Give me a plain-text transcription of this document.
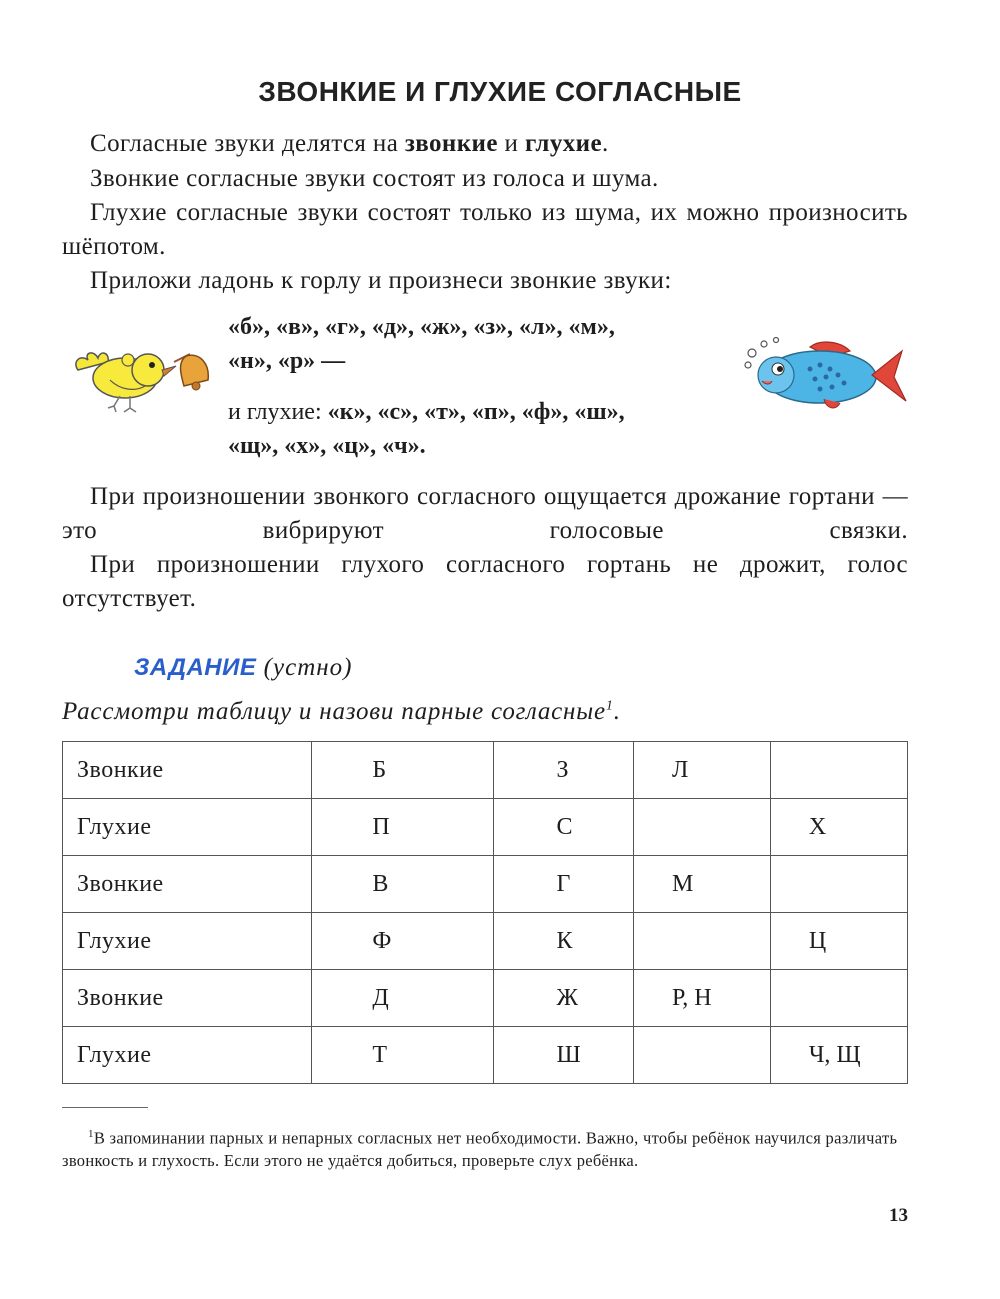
ЗВОНКИЕ И ГЛУХИЕ СОГЛАСНЫЕ
Согласные звуки делятся на звонкие и глухие.
Звонкие согласные звуки состоят из голоса и шума.
Глухие согласные звуки состоят только из шума, их можно произносить шёпотом.
Приложи ладонь к горлу и произнеси звонкие звуки:
«б», «в», «г», «д», «ж», «з», «л», «м»,
«н», «р» —
и глухие: «к», «с», «т», «п», «ф», «ш»,
«щ», «х», «ц», «ч».
При произношении звонкого согласного ощущается дрожание гортани — это вибрируют голосовые связки.
При произношении глухого согласного гортань не дрожит, голос отсутствует.
ЗАДАНИЕ (устно)
Рассмотри таблицу и назови парные согласные$^1$.
Звонкие	Б	З	Л	
Глухие	П	С		Х
Звонкие	В	Г	М	
Глухие	Ф	К		Ц
Звонкие	Д	Ж	Р, Н	
Глухие	Т	Ш		Ч, Щ
$^1$В запоминании парных и непарных согласных нет необходимости. Важно, чтобы ребёнок научился различать звонкость и глухость. Если этого не удаётся добиться, проверьте слух ребёнка.
13
